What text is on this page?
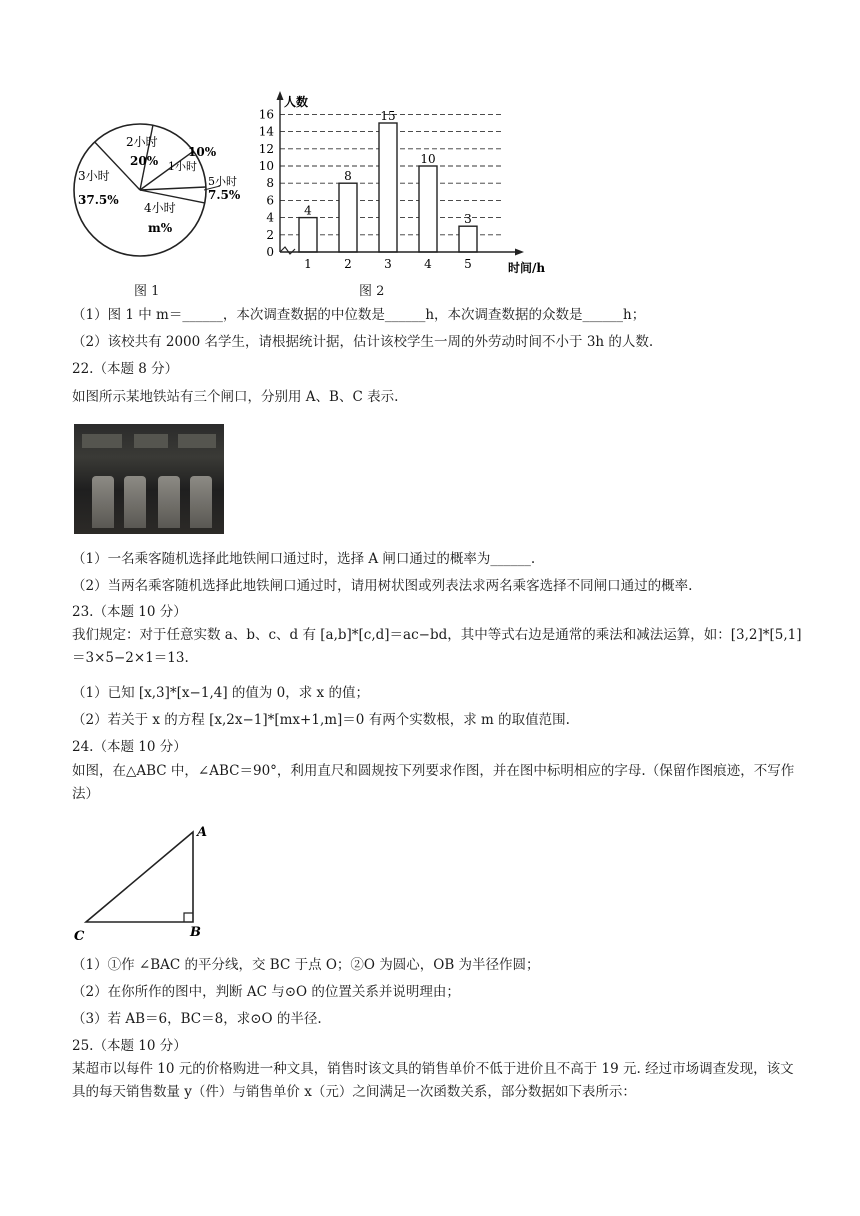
2小时
20%
10%
1小时
5小时
7.5%
4小时
m%
3小时
37.5%
图 1
0
2
4
6
8
10
12
14
16
4
1
8
2
15
3
10
4
3
5
人数
时间/h
图 2
（1）图 1 中 m＝______，本次调查数据的中位数是______h，本次调查数据的众数是______h；
（2）该校共有 2000 名学生，请根据统计据，估计该校学生一周的外劳动时间不小于 3h 的人数.
22.（本题 8 分）
如图所示某地铁站有三个闸口，分别用 A、B、C 表示.
（1）一名乘客随机选择此地铁闸口通过时，选择 A 闸口通过的概率为______.
（2）当两名乘客随机选择此地铁闸口通过时，请用树状图或列表法求两名乘客选择不同闸口通过的概率.
23.（本题 10 分）
我们规定：对于任意实数 a、b、c、d 有 [a,b]*[c,d]＝ac−bd，其中等式右边是通常的乘法和减法运算，如：[3,2]*[5,1]＝3×5−2×1＝13.
（1）已知 [x,3]*[x−1,4] 的值为 0，求 x 的值；
（2）若关于 x 的方程 [x,2x−1]*[mx+1,m]＝0 有两个实数根，求 m 的取值范围.
24.（本题 10 分）
如图，在△ABC 中，∠ABC＝90°，利用直尺和圆规按下列要求作图，并在图中标明相应的字母.（保留作图痕迹，不写作法）
A
B
C
（1）①作 ∠BAC 的平分线，交 BC 于点 O；②O 为圆心，OB 为半径作圆；
（2）在你所作的图中，判断 AC 与⊙O 的位置关系并说明理由；
（3）若 AB＝6，BC＝8，求⊙O 的半径.
25.（本题 10 分）
某超市以每件 10 元的价格购进一种文具，销售时该文具的销售单价不低于进价且不高于 19 元. 经过市场调查发现，该文具的每天销售数量 y（件）与销售单价 x（元）之间满足一次函数关系，部分数据如下表所示：
